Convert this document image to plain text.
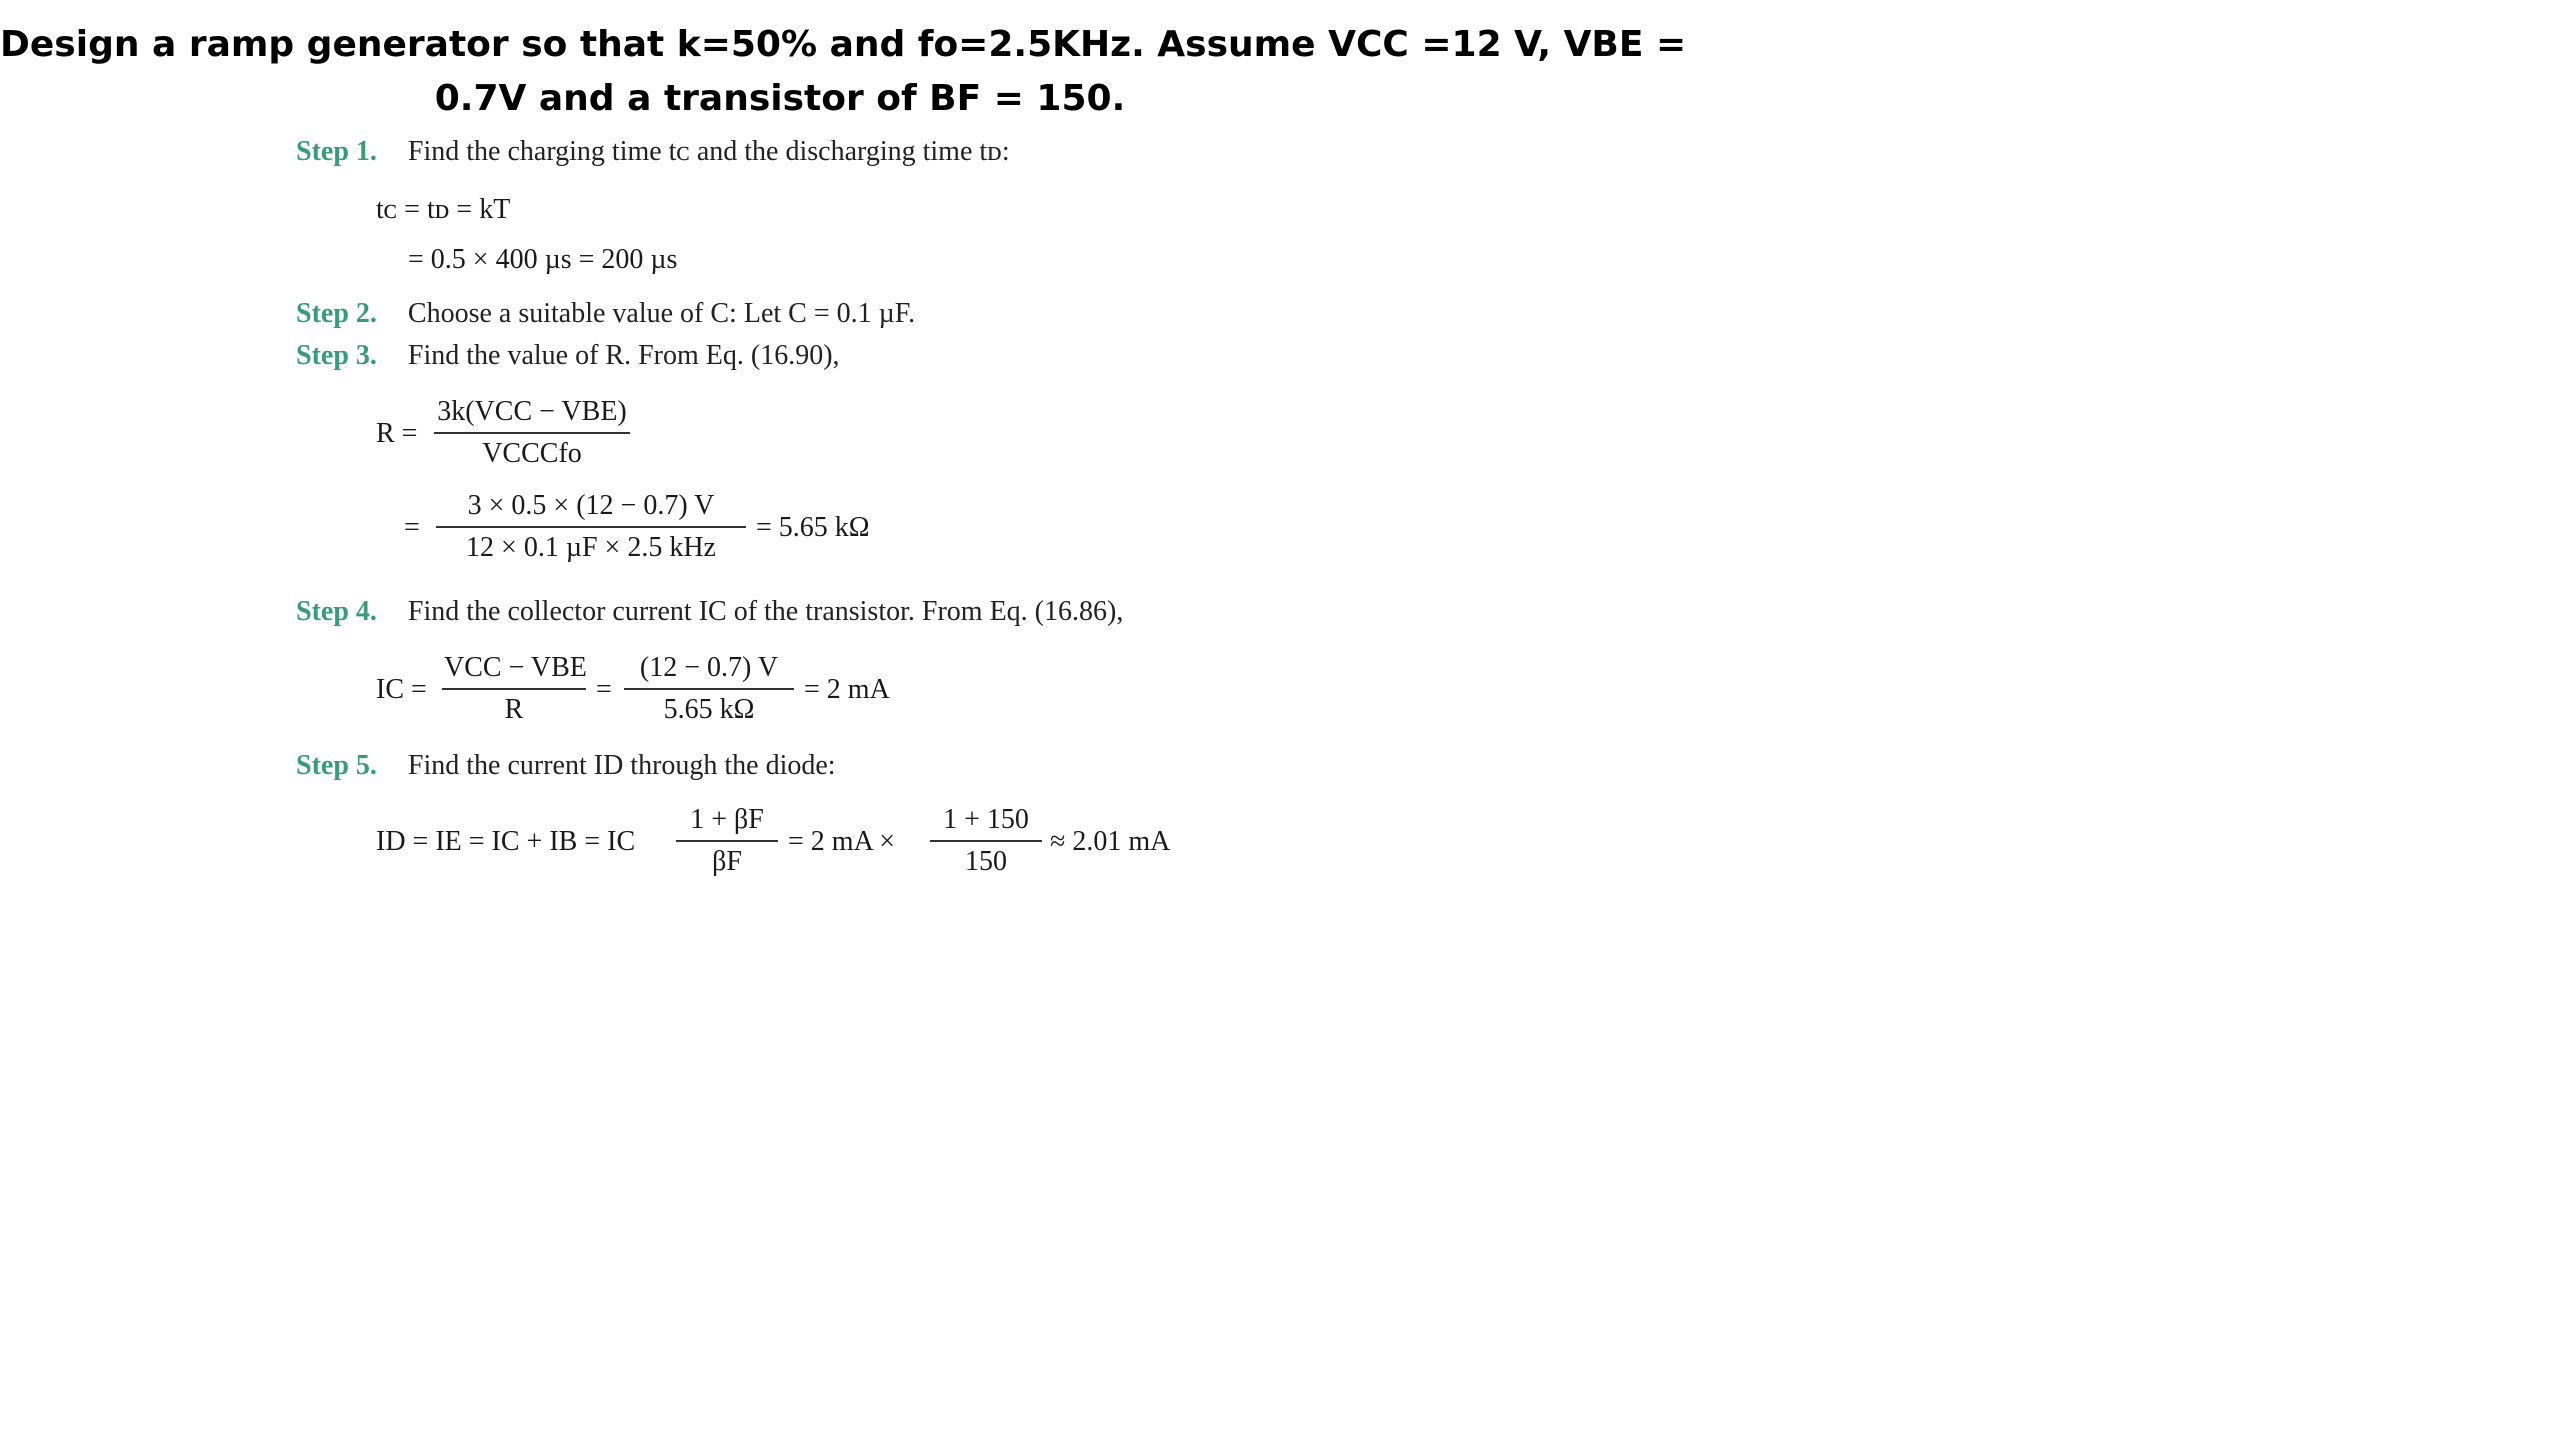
Design a ramp generator so that k=50% and fo=2.5KHz. Assume VCC =12 V, VBE =
0.7V and a transistor of BF = 150.
Step 1. Find the charging time tᴄ and the discharging time tᴅ:
tᴄ = tᴅ = kT
= 0.5 × 400 µs = 200 µs
Step 2. Choose a suitable value of C: Let C = 0.1 µF.
Step 3. Find the value of R. From Eq. (16.90),
R =
3k(VCC − VBE)
VCCCfo
=
3 × 0.5 × (12 − 0.7) V
12 × 0.1 µF × 2.5 kHz
= 5.65 kΩ
Step 4. Find the collector current IC of the transistor. From Eq. (16.86),
IC =
VCC − VBE
R
=
(12 − 0.7) V
5.65 kΩ
= 2 mA
Step 5. Find the current ID through the diode:
ID = IE = IC + IB = IC
1 + βF
βF
= 2 mA ×
1 + 150
150
≈ 2.01 mA
